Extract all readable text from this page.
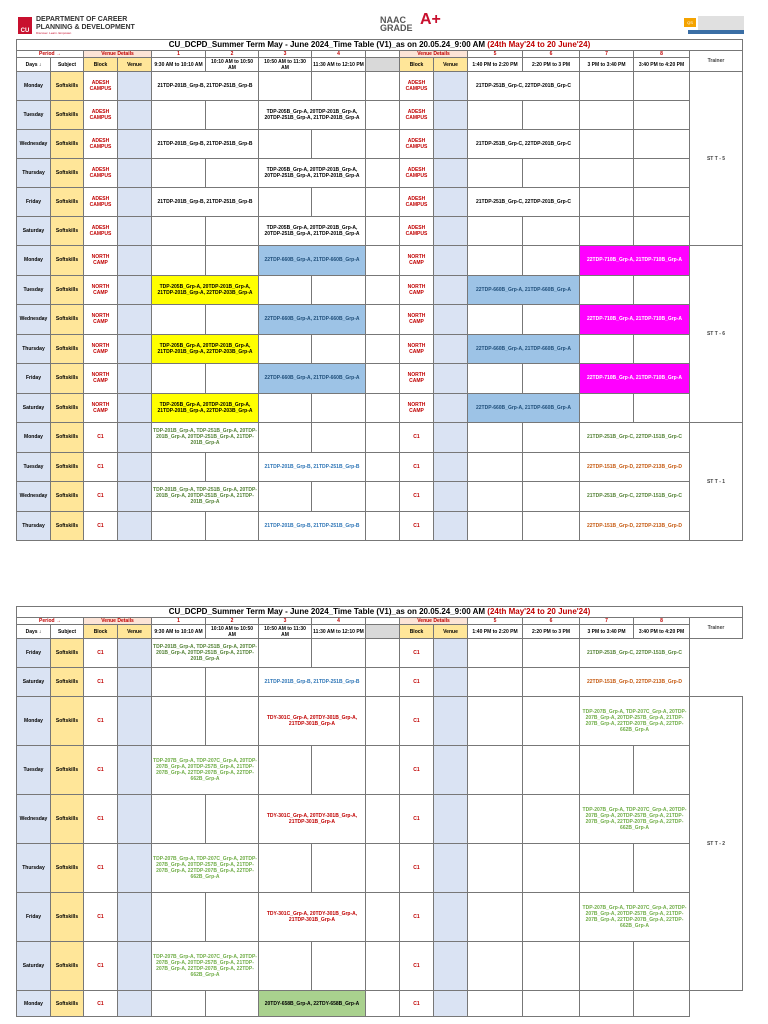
CU
DEPARTMENT OF CAREER
PLANNING & DEVELOPMENT
Discover. Learn. Empower.
NAAC
GRADE A+	QS
CU_DCPD_Summer Term May - June 2024_Time Table (V1)_as on 20.05.24_9:00 AM (24th May'24 to 20 June'24)															
Period →		Venue Details		1	2	3	4		Venue Details		5	6	7	8	Trainer
Days ↓	Subject	Block	Venue	9:30 AM to 10:10 AM	10:10 AM to 10:50 AM	10:50 AM to 11:30 AM	11:30 AM to 12:10 PM		Block	Venue	1:40 PM to 2:20 PM	2:20 PM to 3 PM	3 PM to 3:40 PM	3:40 PM to 4:20 PM	
Monday	Softskills	ADESH CAMPUS		21TDP-201B_Grp-B, 21TDP-251B_Grp-B					ADESH CAMPUS		21TDP-251B_Grp-C, 22TDP-201B_Grp-C				ST T - 5
Tuesday	Softskills	ADESH CAMPUS				TDP-205B_Grp-A, 20TDP-201B_Grp-A, 20TDP-251B_Grp-A, 21TDP-201B_Grp-A			ADESH CAMPUS						
Wednesday	Softskills	ADESH CAMPUS		21TDP-201B_Grp-B, 21TDP-251B_Grp-B					ADESH CAMPUS		21TDP-251B_Grp-C, 22TDP-201B_Grp-C				
Thursday	Softskills	ADESH CAMPUS				TDP-205B_Grp-A, 20TDP-201B_Grp-A, 20TDP-251B_Grp-A, 21TDP-201B_Grp-A			ADESH CAMPUS						
Friday	Softskills	ADESH CAMPUS		21TDP-201B_Grp-B, 21TDP-251B_Grp-B					ADESH CAMPUS		21TDP-251B_Grp-C, 22TDP-201B_Grp-C				
Saturday	Softskills	ADESH CAMPUS				TDP-205B_Grp-A, 20TDP-201B_Grp-A, 20TDP-251B_Grp-A, 21TDP-201B_Grp-A			ADESH CAMPUS						
Monday	Softskills	NORTH CAMP				22TDP-660B_Grp-A, 21TDP-660B_Grp-A			NORTH CAMP				22TDP-710B_Grp-A, 21TDP-710B_Grp-A		ST T - 6
Tuesday	Softskills	NORTH CAMP		TDP-205B_Grp-A, 20TDP-201B_Grp-A, 21TDP-201B_Grp-A, 22TDP-203B_Grp-A					NORTH CAMP		22TDP-660B_Grp-A, 21TDP-660B_Grp-A				
Wednesday	Softskills	NORTH CAMP				22TDP-660B_Grp-A, 21TDP-660B_Grp-A			NORTH CAMP				22TDP-710B_Grp-A, 21TDP-710B_Grp-A		
Thursday	Softskills	NORTH CAMP		TDP-205B_Grp-A, 20TDP-201B_Grp-A, 21TDP-201B_Grp-A, 22TDP-203B_Grp-A					NORTH CAMP		22TDP-660B_Grp-A, 21TDP-660B_Grp-A				
Friday	Softskills	NORTH CAMP				22TDP-660B_Grp-A, 21TDP-660B_Grp-A			NORTH CAMP				22TDP-710B_Grp-A, 21TDP-710B_Grp-A		
Saturday	Softskills	NORTH CAMP		TDP-205B_Grp-A, 20TDP-201B_Grp-A, 21TDP-201B_Grp-A, 22TDP-203B_Grp-A					NORTH CAMP		22TDP-660B_Grp-A, 21TDP-660B_Grp-A				
Monday	Softskills	C1		TDP-201B_Grp-A, TDP-251B_Grp-A, 20TDP-201B_Grp-A, 20TDP-251B_Grp-A, 21TDP-201B_Grp-A					C1				21TDP-251B_Grp-C, 22TDP-151B_Grp-C		ST T - 1
Tuesday	Softskills	C1				21TDP-201B_Grp-B, 21TDP-251B_Grp-B			C1				22TDP-151B_Grp-D, 22TDP-213B_Grp-D		
Wednesday	Softskills	C1		TDP-201B_Grp-A, TDP-251B_Grp-A, 20TDP-201B_Grp-A, 20TDP-251B_Grp-A, 21TDP-201B_Grp-A					C1				21TDP-251B_Grp-C, 22TDP-151B_Grp-C		
Thursday	Softskills	C1				21TDP-201B_Grp-B, 21TDP-251B_Grp-B			C1				22TDP-151B_Grp-D, 22TDP-213B_Grp-D		
CU_DCPD_Summer Term May - June 2024_Time Table (V1)_as on 20.05.24_9:00 AM (24th May'24 to 20 June'24)															
Period →		Venue Details		1	2	3	4		Venue Details		5	6	7	8	Trainer
Days ↓	Subject	Block	Venue	9:30 AM to 10:10 AM	10:10 AM to 10:50 AM	10:50 AM to 11:30 AM	11:30 AM to 12:10 PM		Block	Venue	1:40 PM to 2:20 PM	2:20 PM to 3 PM	3 PM to 3:40 PM	3:40 PM to 4:20 PM	
Friday	Softskills	C1		TDP-201B_Grp-A, TDP-251B_Grp-A, 20TDP-201B_Grp-A, 20TDP-251B_Grp-A, 21TDP-201B_Grp-A					C1				21TDP-251B_Grp-C, 22TDP-151B_Grp-C		
Saturday	Softskills	C1				21TDP-201B_Grp-B, 21TDP-251B_Grp-B			C1				22TDP-151B_Grp-D, 22TDP-213B_Grp-D		
Monday	Softskills	C1				TDY-301C_Grp-A, 20TDY-301B_Grp-A, 21TDP-301B_Grp-A			C1				TDP-207B_Grp-A, TDP-207C_Grp-A, 20TDP-207B_Grp-A, 20TDP-257B_Grp-A, 21TDP-207B_Grp-A, 22TDP-207B_Grp-A, 22TDP-662B_Grp-A		ST T - 2
Tuesday	Softskills	C1		TDP-207B_Grp-A, TDP-207C_Grp-A, 20TDP-207B_Grp-A, 20TDP-257B_Grp-A, 21TDP-207B_Grp-A, 22TDP-207B_Grp-A, 22TDP-662B_Grp-A					C1						
Wednesday	Softskills	C1				TDY-301C_Grp-A, 20TDY-301B_Grp-A, 21TDP-301B_Grp-A			C1				TDP-207B_Grp-A, TDP-207C_Grp-A, 20TDP-207B_Grp-A, 20TDP-257B_Grp-A, 21TDP-207B_Grp-A, 22TDP-207B_Grp-A, 22TDP-662B_Grp-A		
Thursday	Softskills	C1		TDP-207B_Grp-A, TDP-207C_Grp-A, 20TDP-207B_Grp-A, 20TDP-257B_Grp-A, 21TDP-207B_Grp-A, 22TDP-207B_Grp-A, 22TDP-662B_Grp-A					C1						
Friday	Softskills	C1				TDY-301C_Grp-A, 20TDY-301B_Grp-A, 21TDP-301B_Grp-A			C1				TDP-207B_Grp-A, TDP-207C_Grp-A, 20TDP-207B_Grp-A, 20TDP-257B_Grp-A, 21TDP-207B_Grp-A, 22TDP-207B_Grp-A, 22TDP-662B_Grp-A		
Saturday	Softskills	C1		TDP-207B_Grp-A, TDP-207C_Grp-A, 20TDP-207B_Grp-A, 20TDP-257B_Grp-A, 21TDP-207B_Grp-A, 22TDP-207B_Grp-A, 22TDP-662B_Grp-A					C1						
Monday	Softskills	C1				20TDY-658B_Grp-A, 22TDY-658B_Grp-A			C1						
